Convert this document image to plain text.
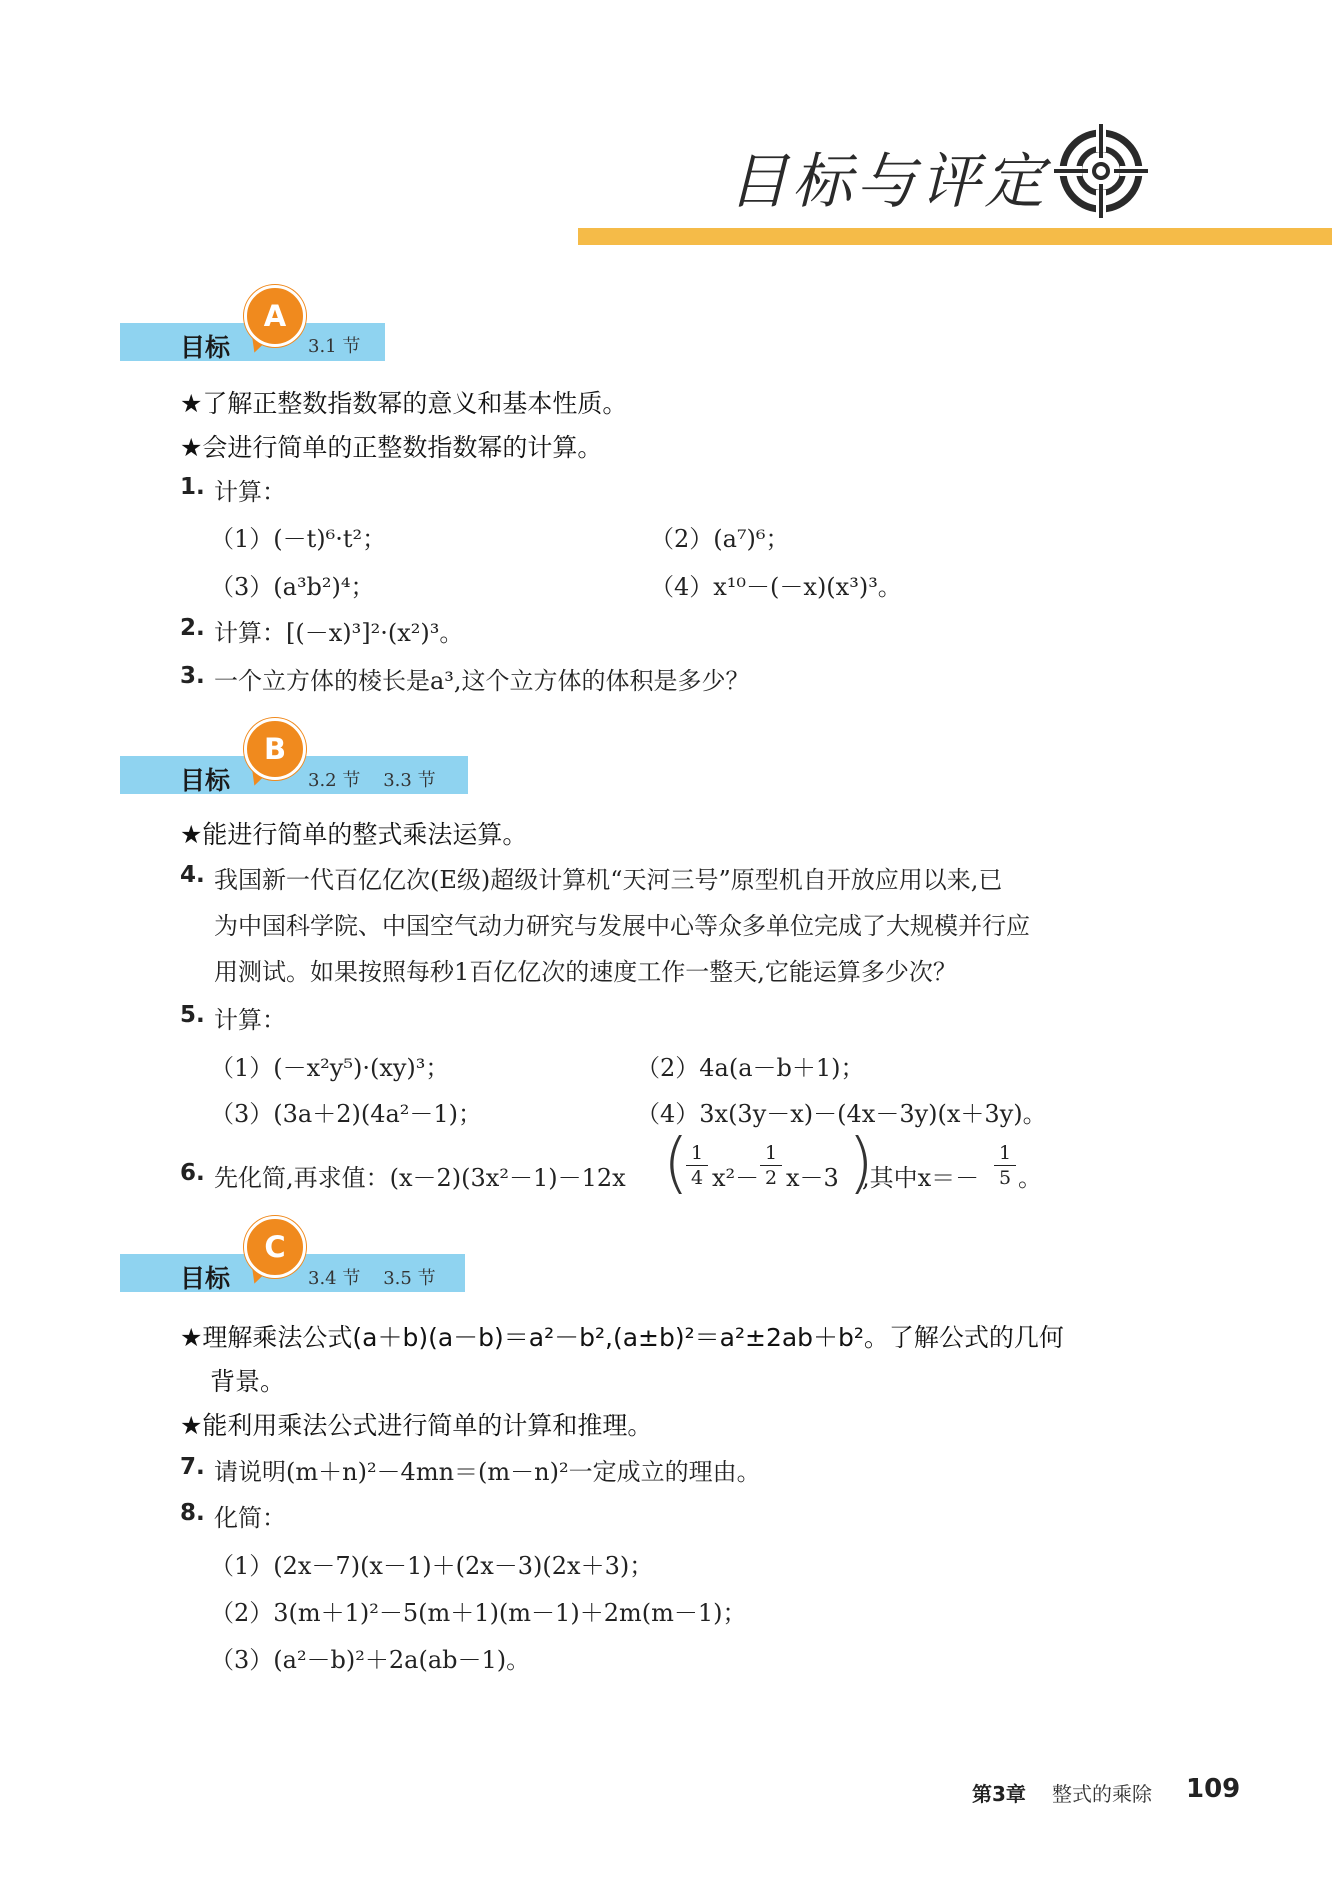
目标与评定
目标	3.1 节
A
★了解正整数指数幂的意义和基本性质。
★会进行简单的正整数指数幂的计算。
1. 计算：
（1）(－t)⁶·t²；	（2）(a⁷)⁶；
（3）(a³b²)⁴；	（4）x¹⁰－(－x)(x³)³。
2. 计算：[(－x)³]²·(x²)³。
3. 一个立方体的棱长是a³,这个立方体的体积是多少？
目标	3.2 节    3.3 节
B
★能进行简单的整式乘法运算。
4. 我国新一代百亿亿次(E级)超级计算机“天河三号”原型机自开放应用以来,已
为中国科学院、中国空气动力研究与发展中心等众多单位完成了大规模并行应
用测试。如果按照每秒1百亿亿次的速度工作一整天,它能运算多少次？
5. 计算：
（1）(－x²y⁵)·(xy)³；	（2）4a(a－b＋1)；
（3）(3a＋2)(4a²－1)；	（4）3x(3y－x)－(4x－3y)(x＋3y)。
6. 先化简,再求值：(x－2)(3x²－1)－12x ( 1
4 x²－
1
2 x－3 )
,其中x＝－
1
5 。
目标	3.4 节    3.5 节
C
★理解乘法公式(a＋b)(a－b)＝a²－b²,(a±b)²＝a²±2ab＋b²。了解公式的几何
背景。
★能利用乘法公式进行简单的计算和推理。
7. 请说明(m＋n)²－4mn＝(m－n)²一定成立的理由。
8. 化简：
（1）(2x－7)(x－1)＋(2x－3)(2x＋3)；
（2）3(m＋1)²－5(m＋1)(m－1)＋2m(m－1)；
（3）(a²－b)²＋2a(ab－1)。
第3章 整式的乘除 109
